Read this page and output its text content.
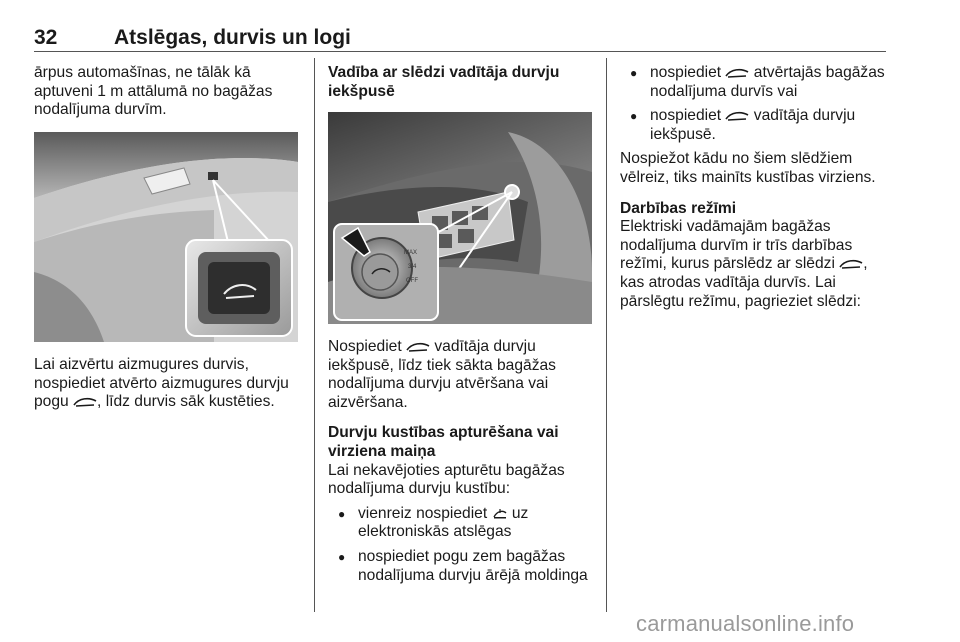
32	Atslēgas, durvis un logi

ārpus automašīnas, ne tālāk kā aptuveni 1 m attālumā no bagāžas nodalījuma durvīm.

Lai aizvērtu aizmugures durvis, nospiediet atvērto aizmugures durvju pogu , līdz durvis sāk kustēties.

Vadība ar slēdzi vadītāja durvju iekšpusē

MAX
3/4
OFF

Nospiediet vadītāja durvju iekšpusē, līdz tiek sākta bagāžas nodalījuma durvju atvēršana vai aizvēršana.

Durvju kustības apturēšana vai virziena maiņa

Lai nekavējoties apturētu bagāžas nodalījuma durvju kustību:

● vienreiz nospiediet uz elektroniskās atslēgas

● nospiediet pogu zem bagāžas nodalījuma durvju ārējā moldinga

● nospiediet atvērtajās bagāžas nodalījuma durvīs vai

● nospiediet vadītāja durvju iekšpusē.

Nospiežot kādu no šiem slēdžiem vēlreiz, tiks mainīts kustības virziens.

Darbības režīmi

Elektriski vadāmajām bagāžas nodalījuma durvīm ir trīs darbības režīmi, kurus pārslēdz ar slēdzi , kas atrodas vadītāja durvīs. Lai pārslēgtu režīmu, pagrieziet slēdzi:

carmanualsonline.info
